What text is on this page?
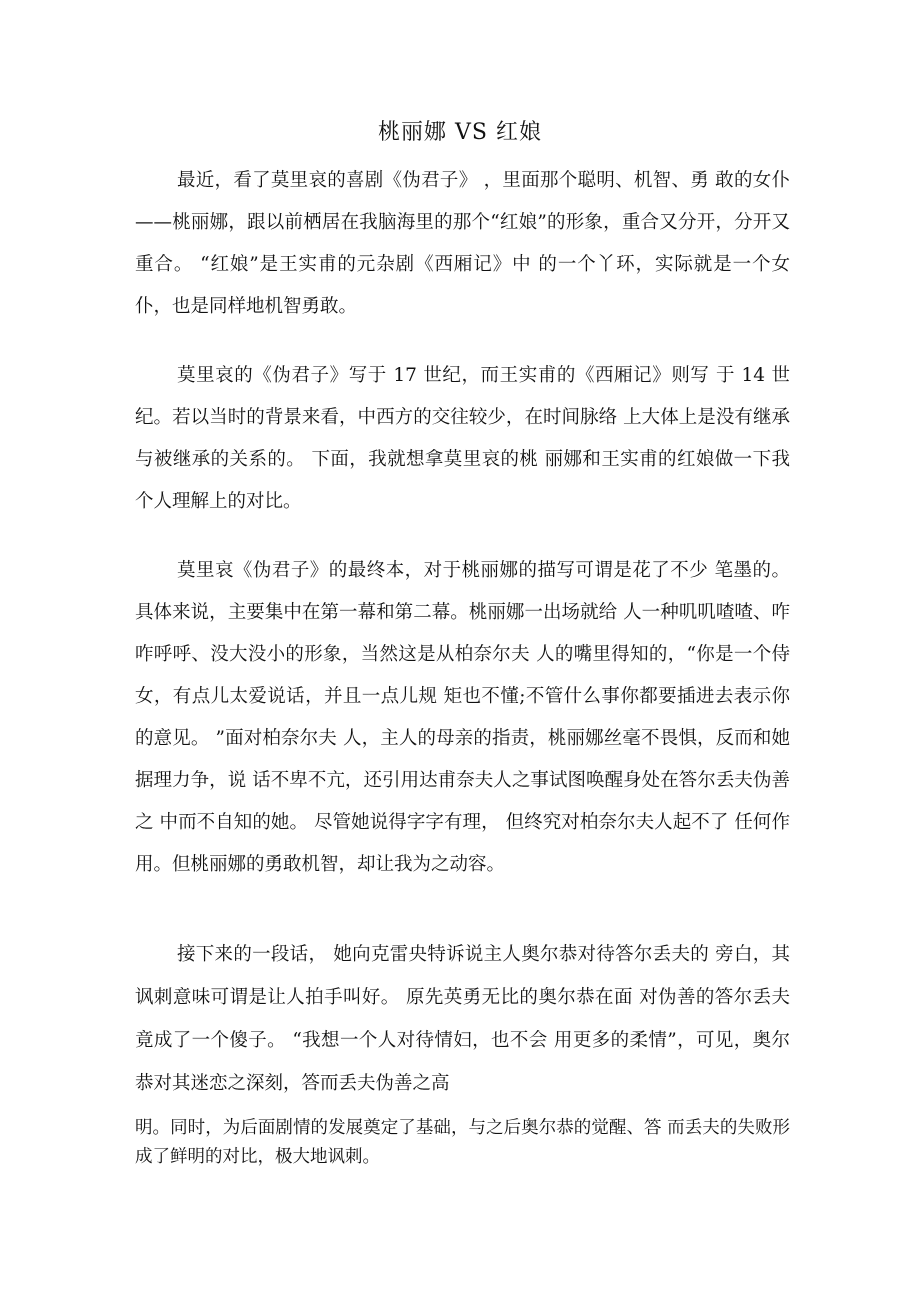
桃丽娜 VS 红娘

最近，看了莫里哀的喜剧《伪君子》 ，里面那个聪明、机智、勇 敢的女仆——桃丽娜，跟以前栖居在我脑海里的那个“红娘”的形象，重合又分开，分开又重合。 “红娘”是王实甫的元杂剧《西厢记》中 的一个丫环，实际就是一个女仆，也是同样地机智勇敢。

莫里哀的《伪君子》写于 17 世纪，而王实甫的《西厢记》则写 于 14 世纪。若以当时的背景来看，中西方的交往较少，在时间脉络 上大体上是没有继承与被继承的关系的。 下面，我就想拿莫里哀的桃 丽娜和王实甫的红娘做一下我个人理解上的对比。

莫里哀《伪君子》的最终本，对于桃丽娜的描写可谓是花了不少 笔墨的。具体来说，主要集中在第一幕和第二幕。桃丽娜一出场就给 人一种叽叽喳喳、咋咋呼呼、没大没小的形象，当然这是从柏奈尔夫 人的嘴里得知的，“你是一个侍女，有点儿太爱说话，并且一点儿规 矩也不懂;不管什么事你都要插进去表示你的意见。 ”面对柏奈尔夫 人，主人的母亲的指责，桃丽娜丝毫不畏惧，反而和她据理力争，说 话不卑不亢，还引用达甫奈夫人之事试图唤醒身处在答尔丢夫伪善之 中而不自知的她。 尽管她说得字字有理， 但终究对柏奈尔夫人起不了 任何作用。但桃丽娜的勇敢机智，却让我为之动容。

接下来的一段话， 她向克雷央特诉说主人奥尔恭对待答尔丢夫的 旁白，其讽刺意味可谓是让人拍手叫好。 原先英勇无比的奥尔恭在面 对伪善的答尔丢夫竟成了一个傻子。 “我想一个人对待情妇，也不会 用更多的柔情”，可见，奥尔恭对其迷恋之深刻，答而丢夫伪善之高

明。同时，为后面剧情的发展奠定了基础，与之后奥尔恭的觉醒、答 而丢夫的失败形成了鲜明的对比，极大地讽刺。
